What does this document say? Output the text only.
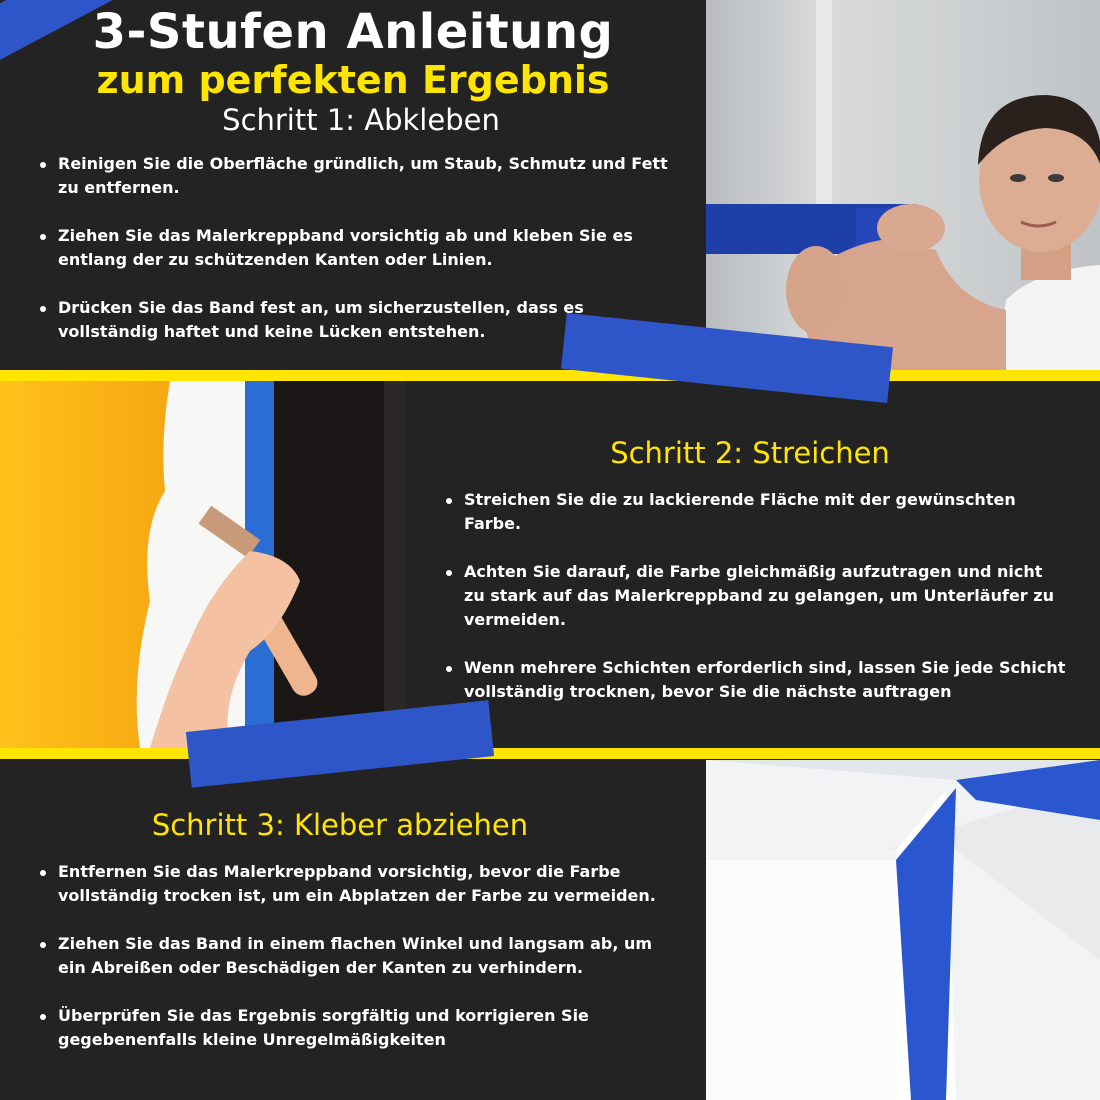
3-Stufen Anleitung
zum perfekten Ergebnis
Schritt 1: Abkleben
Reinigen Sie die Oberfläche gründlich, um Staub, Schmutz und Fett zu entfernen.
Ziehen Sie das Malerkreppband vorsichtig ab und kleben Sie es entlang der zu schützenden Kanten oder Linien.
Drücken Sie das Band fest an, um sicherzustellen, dass es vollständig haftet und keine Lücken entstehen.
Schritt 2: Streichen
Streichen Sie die zu lackierende Fläche mit der gewünschten Farbe.
Achten Sie darauf, die Farbe gleichmäßig aufzutragen und nicht zu stark auf das Malerkreppband zu gelangen, um Unterläufer zu vermeiden.
Wenn mehrere Schichten erforderlich sind, lassen Sie jede Schicht vollständig trocknen, bevor Sie die nächste auftragen
Schritt 3: Kleber abziehen
Entfernen Sie das Malerkreppband vorsichtig, bevor die Farbe vollständig trocken ist, um ein Abplatzen der Farbe zu vermeiden.
Ziehen Sie das Band in einem flachen Winkel und langsam ab, um ein Abreißen oder Beschädigen der Kanten zu verhindern.
Überprüfen Sie das Ergebnis sorgfältig und korrigieren Sie gegebenenfalls kleine Unregelmäßigkeiten
